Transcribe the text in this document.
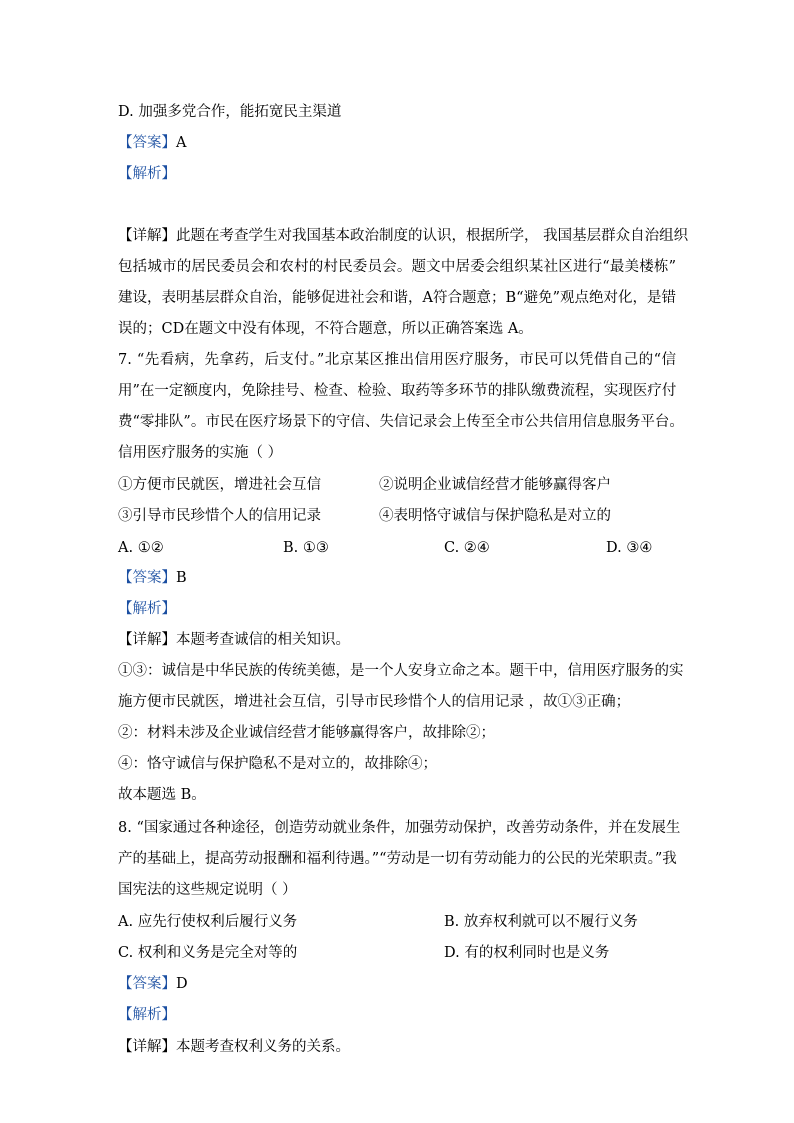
D. 加强多党合作，能拓宽民主渠道
【答案】A
【解析】
【详解】此题在考查学生对我国基本政治制度的认识，根据所学， 我国基层群众自治组织
包括城市的居民委员会和农村的村民委员会。题文中居委会组织某社区进行“最美楼栋”
建设，表明基层群众自治，能够促进社会和谐，A符合题意；B“避免”观点绝对化，是错
误的；CD在题文中没有体现，不符合题意，所以正确答案选 A。
7. “先看病，先拿药，后支付。”北京某区推出信用医疗服务，市民可以凭借自己的“信
用”在一定额度内，免除挂号、检查、检验、取药等多环节的排队缴费流程，实现医疗付
费“零排队”。市民在医疗场景下的守信、失信记录会上传至全市公共信用信息服务平台。
信用医疗服务的实施（ ）
①方便市民就医，增进社会互信	②说明企业诚信经营才能够赢得客户
③引导市民珍惜个人的信用记录	④表明恪守诚信与保护隐私是对立的
A. ①②	B. ①③	C. ②④	D. ③④
【答案】B
【解析】
【详解】本题考查诚信的相关知识。
①③：诚信是中华民族的传统美德，是一个人安身立命之本。题干中，信用医疗服务的实
施方便市民就医，增进社会互信，引导市民珍惜个人的信用记录 ，故①③正确；
②：材料未涉及企业诚信经营才能够赢得客户，故排除②；
④：恪守诚信与保护隐私不是对立的，故排除④；
故本题选 B。
8. “国家通过各种途径，创造劳动就业条件，加强劳动保护，改善劳动条件，并在发展生
产的基础上，提高劳动报酬和福利待遇。”“劳动是一切有劳动能力的公民的光荣职责。”我
国宪法的这些规定说明（ ）
A. 应先行使权利后履行义务	B. 放弃权利就可以不履行义务
C. 权利和义务是完全对等的	D. 有的权利同时也是义务
【答案】D
【解析】
【详解】本题考查权利义务的关系。
